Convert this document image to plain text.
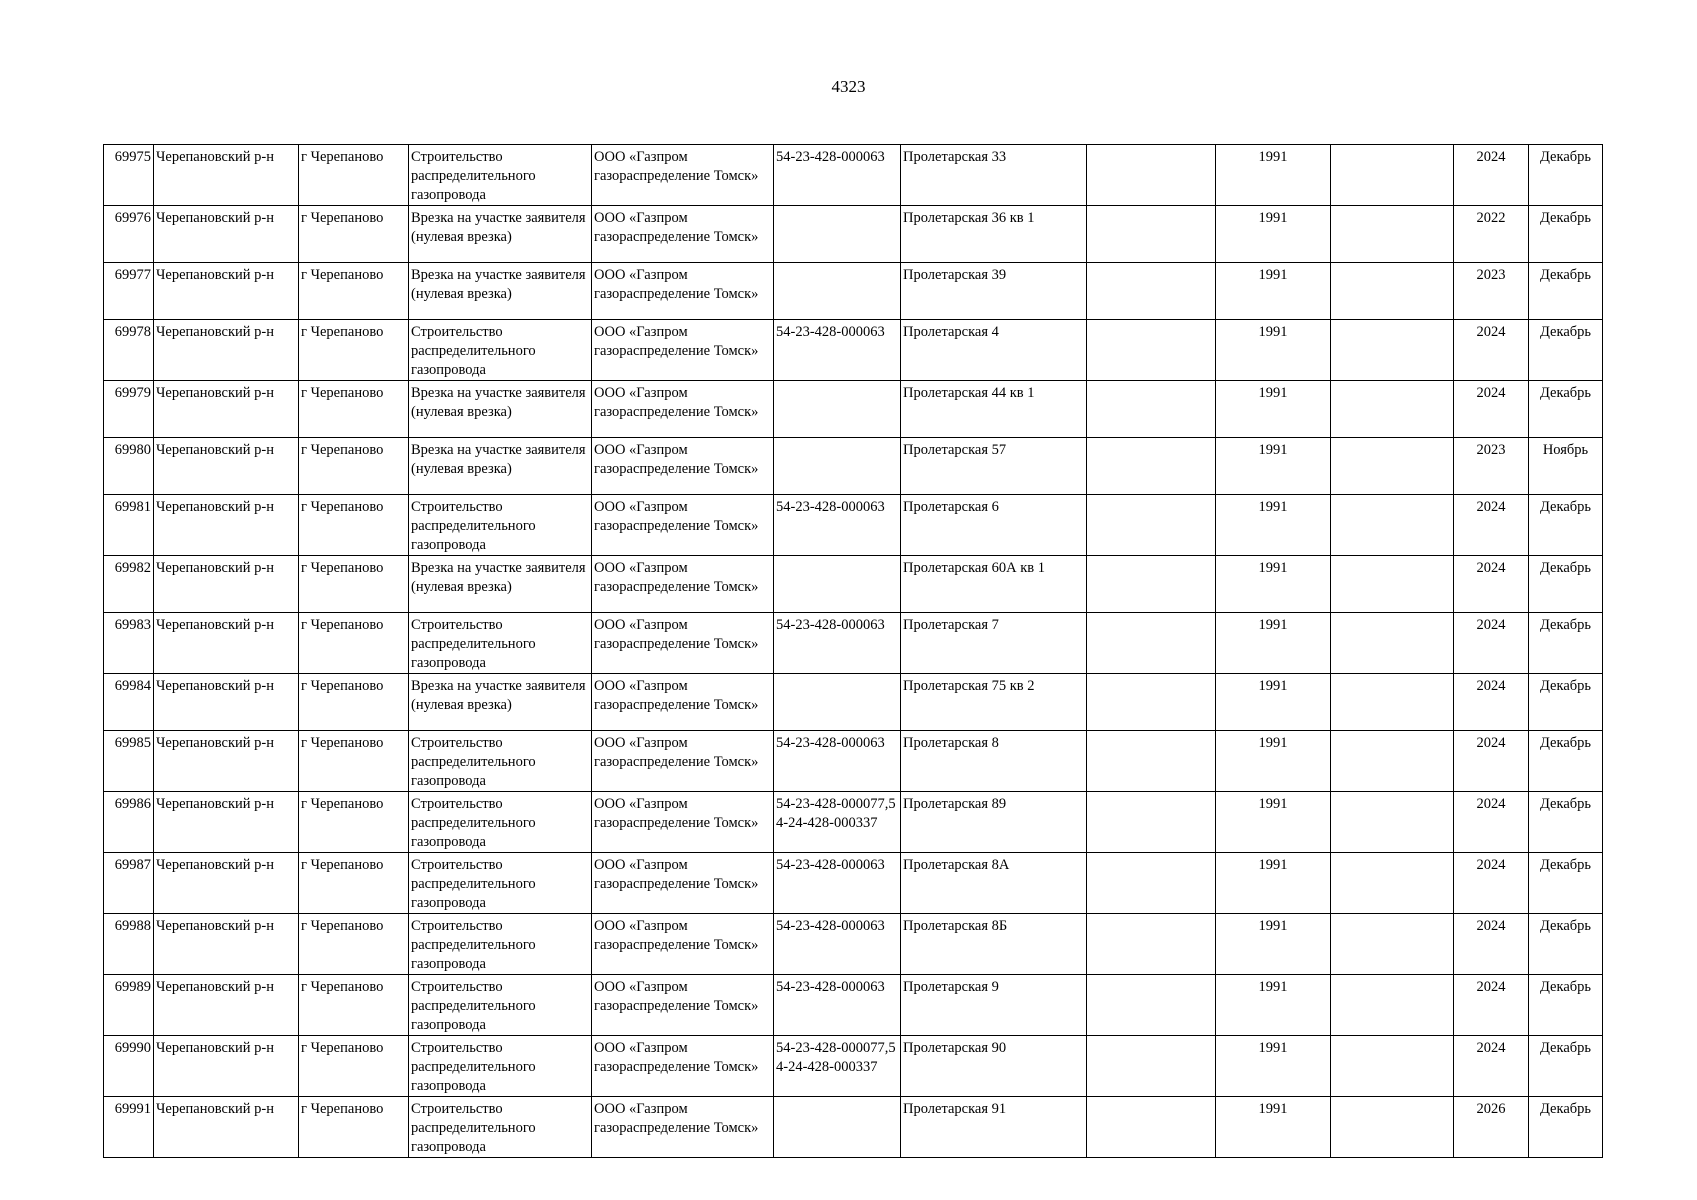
4323
69975	Черепановский р-н	г Черепаново	Строительство распределительного газопровода	ООО «Газпром газораспределение Томск»	54-23-428-000063	Пролетарская 33		1991		2024	Декабрь
69976	Черепановский р-н	г Черепаново	Врезка на участке заявителя (нулевая врезка)	ООО «Газпром газораспределение Томск»		Пролетарская 36 кв 1		1991		2022	Декабрь
69977	Черепановский р-н	г Черепаново	Врезка на участке заявителя (нулевая врезка)	ООО «Газпром газораспределение Томск»		Пролетарская 39		1991		2023	Декабрь
69978	Черепановский р-н	г Черепаново	Строительство распределительного газопровода	ООО «Газпром газораспределение Томск»	54-23-428-000063	Пролетарская 4		1991		2024	Декабрь
69979	Черепановский р-н	г Черепаново	Врезка на участке заявителя (нулевая врезка)	ООО «Газпром газораспределение Томск»		Пролетарская 44 кв 1		1991		2024	Декабрь
69980	Черепановский р-н	г Черепаново	Врезка на участке заявителя (нулевая врезка)	ООО «Газпром газораспределение Томск»		Пролетарская 57		1991		2023	Ноябрь
69981	Черепановский р-н	г Черепаново	Строительство распределительного газопровода	ООО «Газпром газораспределение Томск»	54-23-428-000063	Пролетарская 6		1991		2024	Декабрь
69982	Черепановский р-н	г Черепаново	Врезка на участке заявителя (нулевая врезка)	ООО «Газпром газораспределение Томск»		Пролетарская 60А кв 1		1991		2024	Декабрь
69983	Черепановский р-н	г Черепаново	Строительство распределительного газопровода	ООО «Газпром газораспределение Томск»	54-23-428-000063	Пролетарская 7		1991		2024	Декабрь
69984	Черепановский р-н	г Черепаново	Врезка на участке заявителя (нулевая врезка)	ООО «Газпром газораспределение Томск»		Пролетарская 75 кв 2		1991		2024	Декабрь
69985	Черепановский р-н	г Черепаново	Строительство распределительного газопровода	ООО «Газпром газораспределение Томск»	54-23-428-000063	Пролетарская 8		1991		2024	Декабрь
69986	Черепановский р-н	г Черепаново	Строительство распределительного газопровода	ООО «Газпром газораспределение Томск»	54-23-428-000077,54-24-428-000337	Пролетарская 89		1991		2024	Декабрь
69987	Черепановский р-н	г Черепаново	Строительство распределительного газопровода	ООО «Газпром газораспределение Томск»	54-23-428-000063	Пролетарская 8А		1991		2024	Декабрь
69988	Черепановский р-н	г Черепаново	Строительство распределительного газопровода	ООО «Газпром газораспределение Томск»	54-23-428-000063	Пролетарская 8Б		1991		2024	Декабрь
69989	Черепановский р-н	г Черепаново	Строительство распределительного газопровода	ООО «Газпром газораспределение Томск»	54-23-428-000063	Пролетарская 9		1991		2024	Декабрь
69990	Черепановский р-н	г Черепаново	Строительство распределительного газопровода	ООО «Газпром газораспределение Томск»	54-23-428-000077,54-24-428-000337	Пролетарская 90		1991		2024	Декабрь
69991	Черепановский р-н	г Черепаново	Строительство распределительного газопровода	ООО «Газпром газораспределение Томск»		Пролетарская 91		1991		2026	Декабрь
